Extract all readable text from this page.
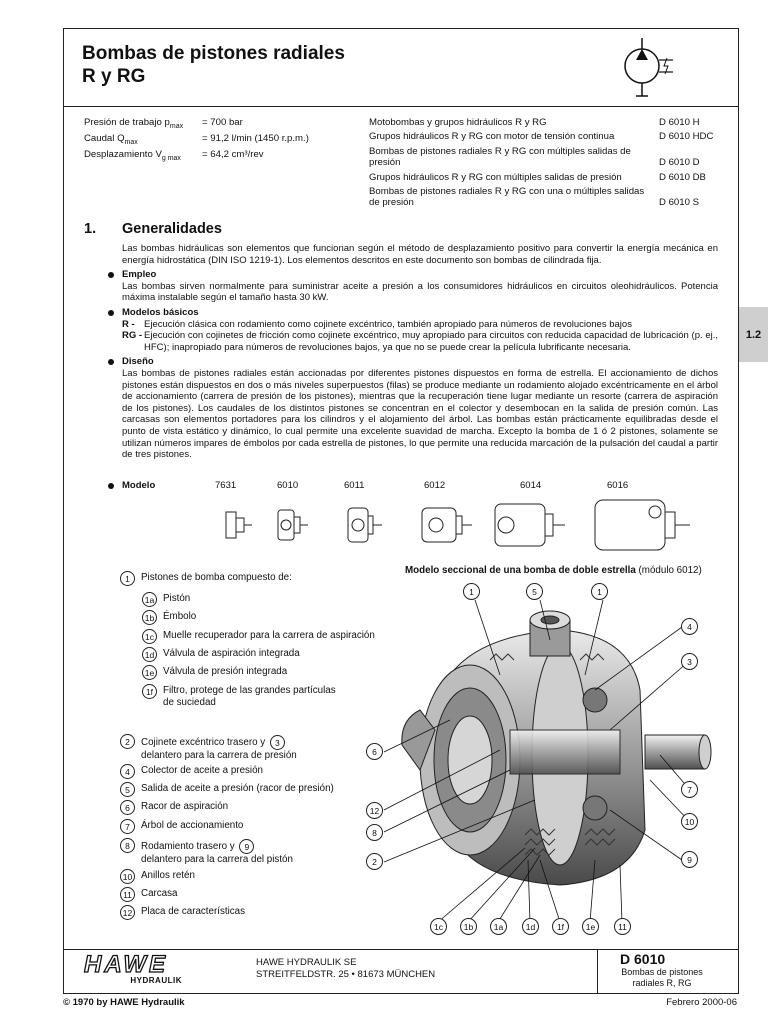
Bombas de pistones radiales
R y RG
Presión de trabajo $p_{max}$	= 700 bar
Caudal $Q_{max}$	= 91,2 l/min (1450 r.p.m.)
Desplazamiento $V_{g max}$	= 64,2 cm³/rev
Motobombas y grupos hidráulicos R y RG	D 6010 H
Grupos hidráulicos R y RG con motor de tensión continua	D 6010 HDC
Bombas de pistones radiales R y RG con múltiples salidas de presión	D 6010 D
Grupos hidráulicos R y RG con múltiples salidas de presión	D 6010 DB
Bombas de pistones radiales R y RG con una o múltiples salidas de presión	D 6010 S
1. Generalidades

Las bombas hidráulicas son elementos que funcionan según el método de desplazamiento positivo para convertir la energía mecánica en energía hidrostática (DIN ISO 1219-1). Los elementos descritos en este documento son bombas de cilindrada fija.

Empleo
Las bombas sirven normalmente para suministrar aceite a presión a los consumidores hidráulicos en circuitos oleohidráulicos. Potencia máxima instalable según el tamaño hasta 30 kW.
Modelos básicos
R - Ejecución clásica con rodamiento como cojinete excéntrico, también apropiado para números de revoluciones bajos
RG - Ejecución con cojinetes de fricción como cojinete excéntrico, muy apropiado para circuitos con reducida capacidad de lubricación (p. ej., HFC); inapropiado para números de revoluciones bajos, ya que no se puede crear la película lubrificante necesaria.
Diseño
Las bombas de pistones radiales están accionadas por diferentes pistones dispuestos en forma de estrella. El accionamiento de dichos pistones están dispuestos en dos o más niveles superpuestos (filas) se produce mediante un rodamiento alojado excéntricamente en el árbol de accionamiento (carrera de presión de los pistones), mientras que la recuperación tiene lugar mediante un resorte (carrera de aspiración de los pistones). Los caudales de los distintos pistones se concentran en el colector y desembocan en la salida de presión común. Las carcasas son elementos portadores para los cilindros y el alojamiento del árbol. Las bombas están prácticamente equilibradas desde el punto de vista estático y dinámico, lo cual permite una excelente suavidad de marcha. Excepto la bomba de 1 ó 2 pistones, solamente se utilizan números impares de émbolos por cada estrella de pistones, lo que permite una reducida marcación de la pulsación del caudal a partir de tres pistones.
Modelo	7631	6010	6011	6012	6014	6016
Modelo seccional de una bomba de doble estrella (módulo 6012)
1	Pistones de bomba compuesto de:
1a Pistón
1b Émbolo
1c Muelle recuperador para la carrera de aspiración
1d Válvula de aspiración integrada
1e Válvula de presión integrada
1f	Filtro, protege de las grandes partículas
de suciedad
2	Cojinete excéntrico trasero y 3
delantero para la carrera de presión
4	Colector de aceite a presión
5	Salida de aceite a presión (racor de presión)
6	Racor de aspiración
7	Árbol de accionamiento
8	Rodamiento trasero y 9
delantero para la carrera del pistón
10 Anillos retén
11 Carcasa
12 Placa de características
1	5	1
4
3
6
7
10
12
8
2	9
1c	1b	1a	1d	1f	1e	11
1.2
HAWE
HYDRAULIK
HAWE HYDRAULIK SE
STREITFELDSTR. 25 • 81673 MÜNCHEN
D 6010
Bombas de pistones
radiales R, RG
© 1970 by HAWE Hydraulik	Febrero 2000-06
